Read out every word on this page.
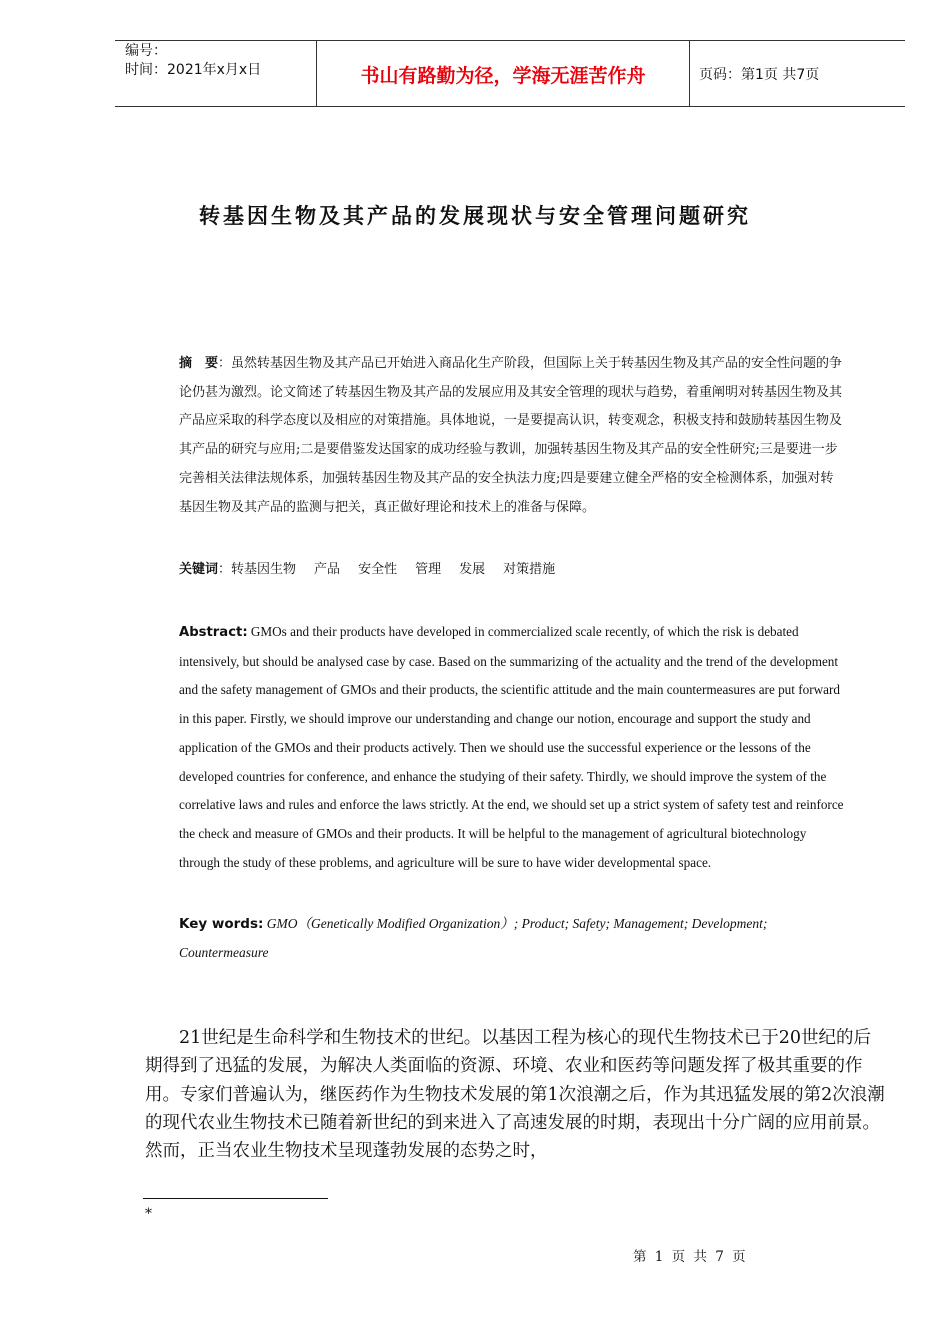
编号：
时间：2021年x月x日	书山有路勤为径，学海无涯苦作舟	页码：第1页 共7页
转基因生物及其产品的发展现状与安全管理问题研究
摘　要：虽然转基因生物及其产品已开始进入商品化生产阶段，但国际上关于转基因生物及其产品的安全性问题的争论仍甚为激烈。论文简述了转基因生物及其产品的发展应用及其安全管理的现状与趋势，着重阐明对转基因生物及其产品应采取的科学态度以及相应的对策措施。具体地说，一是要提高认识，转变观念，积极支持和鼓励转基因生物及其产品的研究与应用;二是要借鉴发达国家的成功经验与教训，加强转基因生物及其产品的安全性研究;三是要进一步完善相关法律法规体系，加强转基因生物及其产品的安全执法力度;四是要建立健全严格的安全检测体系，加强对转基因生物及其产品的监测与把关，真正做好理论和技术上的准备与保障。
关键词：转基因生物 产品 安全性 管理 发展 对策措施
Abstract: GMOs and their products have developed in commercialized scale recently, of which the risk is debated intensively, but should be analysed case by case. Based on the summarizing of the actuality and the trend of the development and the safety management of GMOs and their products, the scientific attitude and the main countermeasures are put forward in this paper. Firstly, we should improve our understanding and change our notion, encourage and support the study and application of the GMOs and their products actively. Then we should use the successful experience or the lessons of the developed countries for conference, and enhance the studying of their safety. Thirdly, we should improve the system of the correlative laws and rules and enforce the laws strictly. At the end, we should set up a strict system of safety test and reinforce the check and measure of GMOs and their products. It will be helpful to the management of agricultural biotechnology through the study of these problems, and agriculture will be sure to have wider developmental space.
Key words: GMO（Genetically Modified Organization）; Product; Safety; Management; Development; Countermeasure
21世纪是生命科学和生物技术的世纪。以基因工程为核心的现代生物技术已于20世纪的后期得到了迅猛的发展，为解决人类面临的资源、环境、农业和医药等问题发挥了极其重要的作用。专家们普遍认为，继医药作为生物技术发展的第1次浪潮之后，作为其迅猛发展的第2次浪潮的现代农业生物技术已随着新世纪的到来进入了高速发展的时期，表现出十分广阔的应用前景。然而，正当农业生物技术呈现蓬勃发展的态势之时，
*
第 1 页 共 7 页
